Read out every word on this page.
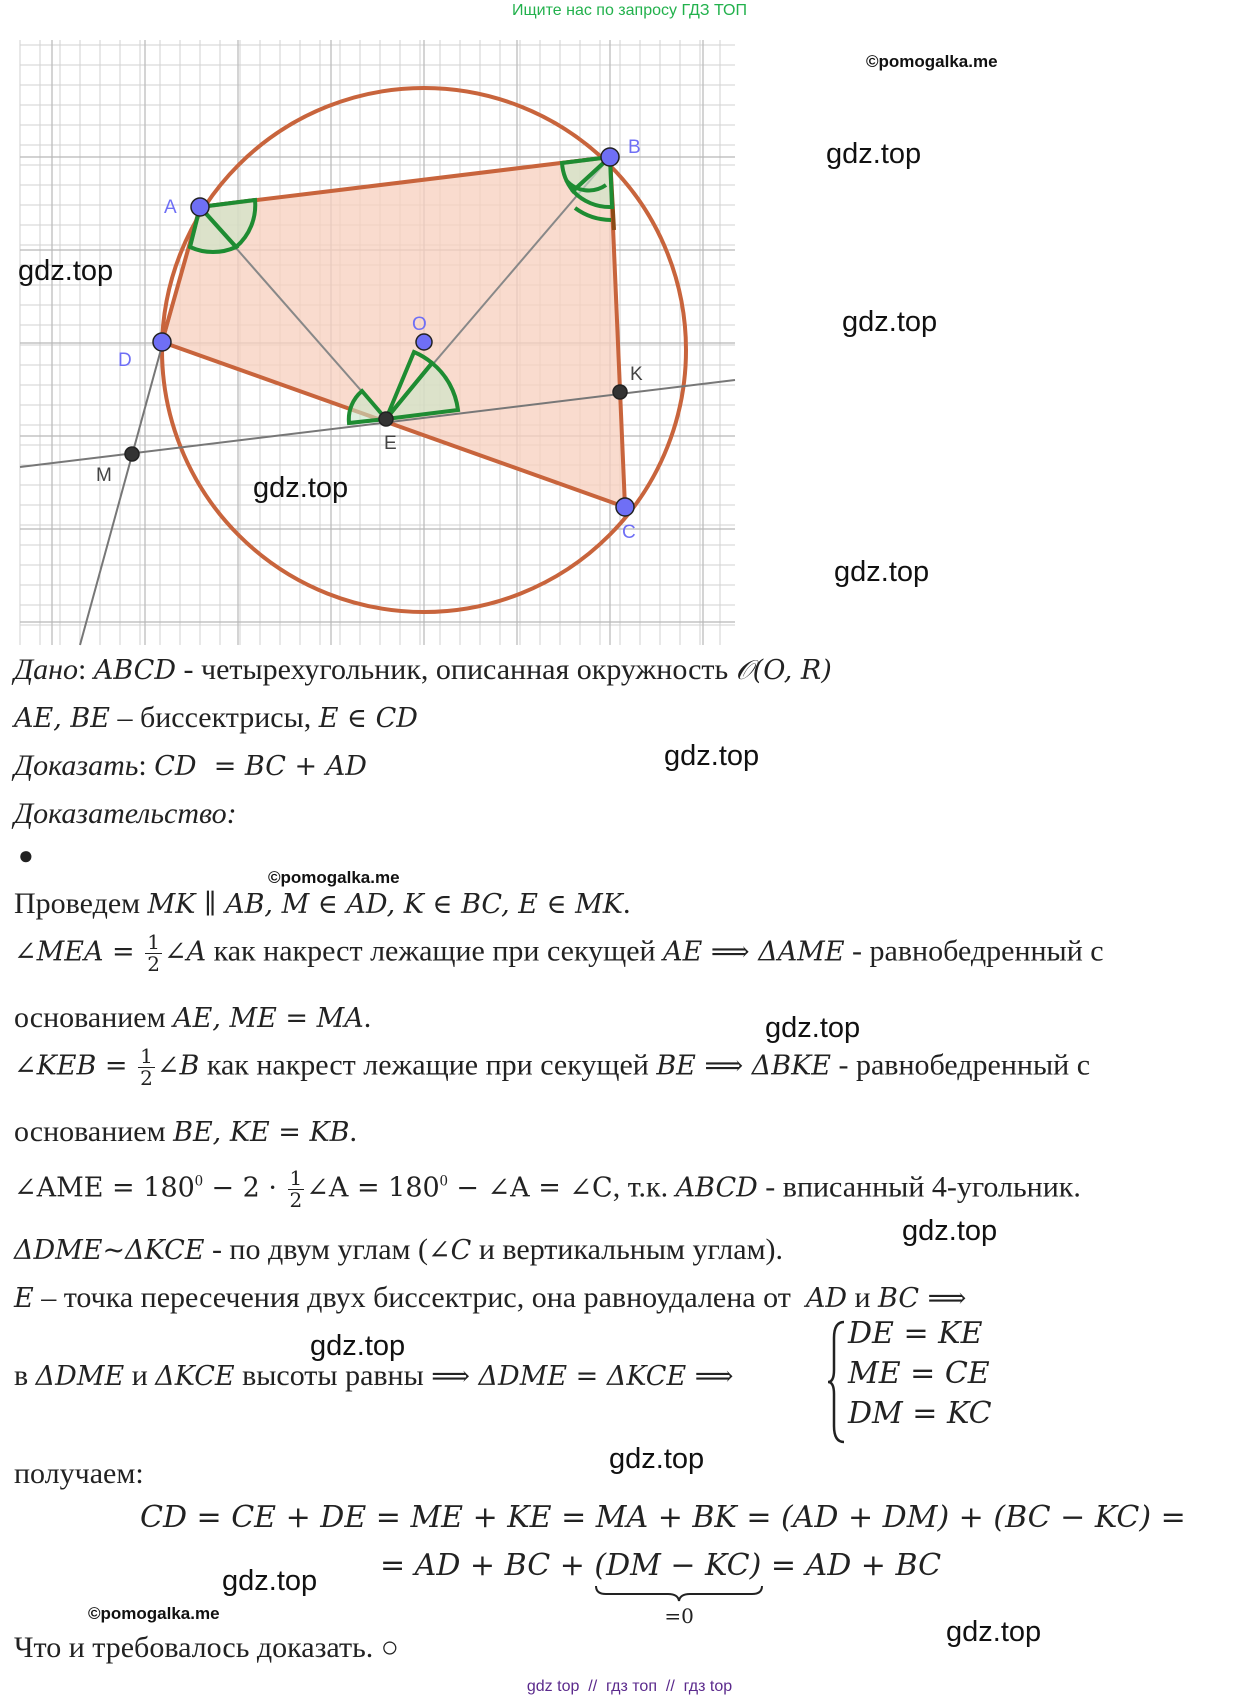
Ищите нас по запросу ГДЗ ТОП
A
B
C
D
O
E
K
M
©pomogalka.me
gdz.top
gdz.top
gdz.top
gdz.top
gdz.top
gdz.top
©pomogalka.me
gdz.top
gdz.top
gdz.top
gdz.top
gdz.top
©pomogalka.me
gdz.top
Дано: ABCD - четырехугольник, описанная окружность 𝒪(O, R)
AE, BE – биссектрисы, E ∈ CD
Доказать: CD  = BC + AD
Доказательство:
●
Проведем MK ∥ AB, M ∈ AD, K ∈ BC, E ∈ MK.
∠MEA = $\frac{1}{2}$ ∠A как накрест лежащие при секущей AE ⟹ ΔAME - равнобедренный с
основанием AE, ME = MA.
∠KEB = $\frac{1}{2}$ ∠B как накрест лежащие при секущей BE ⟹ ΔBKE - равнобедренный с
основанием BE, KE = KB.
∠AME = $180^0 - 2 \cdot \frac{1}{2}$ ∠A = $180^0$ − ∠A = ∠C, т.к. ABCD - вписанный 4-угольник.
ΔDME~ΔKCE - по двум углам (∠C и вертикальным углам).
E – точка пересечения двух биссектрис, она равноудалена от  AD и BC ⟹
в ΔDME и ΔKCE высоты равны ⟹ ΔDME = ΔKCE ⟹
DE = KE
ME = CE
DM = KC
получаем:
CD = CE + DE = ME + KE = MA + BK = (AD + DM) + (BC − KC) =
= AD + BC + (DM − KC)
=0
= AD + BC
Что и требовалось доказать. ○
gdz top  //  гдз топ  //  гдз top
